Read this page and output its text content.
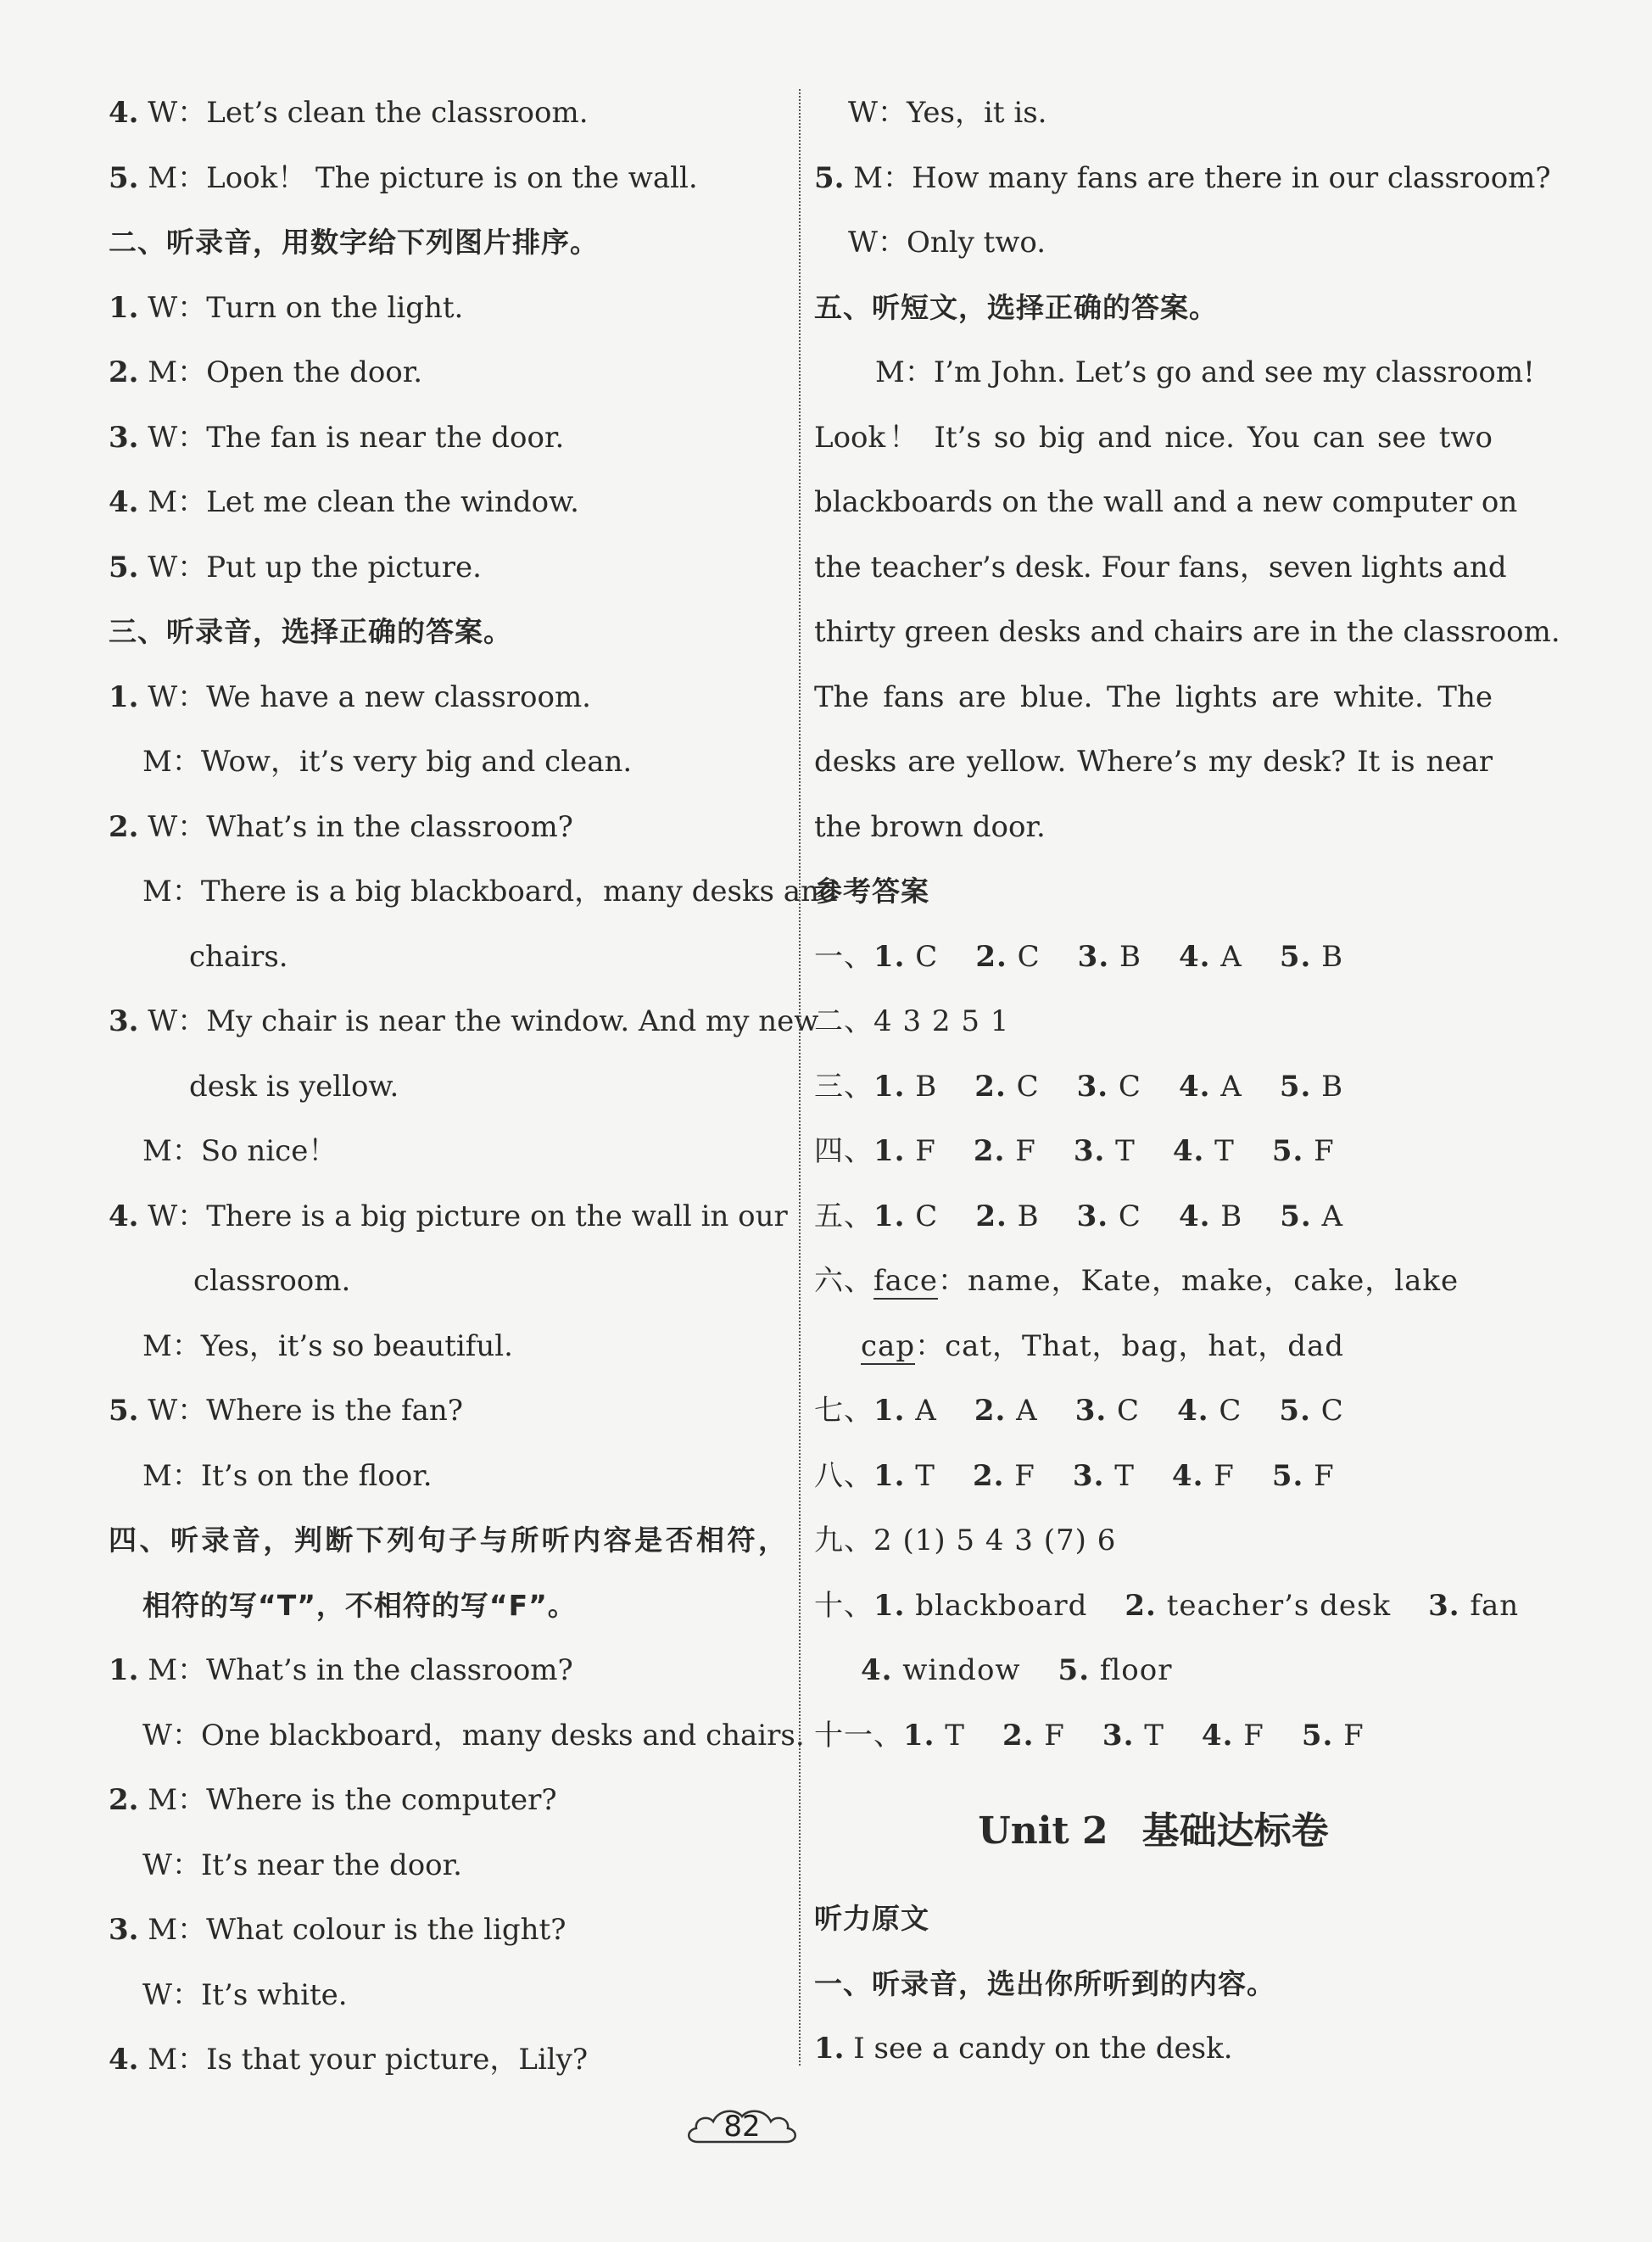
4. W：Let’s clean the classroom.
5. M：Look！ The picture is on the wall.
二、听录音，用数字给下列图片排序。
1. W：Turn on the light.
2. M：Open the door.
3. W：The fan is near the door.
4. M：Let me clean the window.
5. W：Put up the picture.
三、听录音，选择正确的答案。
1. W：We have a new classroom.
M：Wow，it’s very big and clean.
2. W：What’s in the classroom?
M：There is a big blackboard，many desks and
chairs.
3. W：My chair is near the window. And my new
desk is yellow.
M：So nice！
4. W：There is a big picture on the wall in our
classroom.
M：Yes，it’s so beautiful.
5. W：Where is the fan?
M：It’s on the floor.
四、听录音，判断下列句子与所听内容是否相符，
相符的写“T”，不相符的写“F”。
1. M：What’s in the classroom?
W：One blackboard，many desks and chairs.
2. M：Where is the computer?
W：It’s near the door.
3. M：What colour is the light?
W：It’s white.
4. M：Is that your picture，Lily?
W：Yes，it is.
5. M：How many fans are there in our classroom?
W：Only two.
五、听短文，选择正确的答案。
M：I’m John. Let’s go and see my classroom!
Look！ It’s so big and nice. You can see two
blackboards on the wall and a new computer on
the teacher’s desk. Four fans，seven lights and
thirty green desks and chairs are in the classroom.
The fans are blue. The lights are white. The
desks are yellow. Where’s my desk? It is near
the brown door.
参考答案
一、1. C 2. C 3. B 4. A 5. B
二、4 3 2 5 1
三、1. B 2. C 3. C 4. A 5. B
四、1. F 2. F 3. T 4. T 5. F
五、1. C 2. B 3. C 4. B 5. A
六、face：name，Kate，make，cake，lake
cap：cat，That，bag，hat，dad
七、1. A 2. A 3. C 4. C 5. C
八、1. T 2. F 3. T 4. F 5. F
九、2 (1) 5 4 3 (7) 6
十、1. blackboard 2. teacher’s desk 3. fan
4. window 5. floor
十一、1. T 2. F 3. T 4. F 5. F
Unit 2 基础达标卷
听力原文
一、听录音，选出你所听到的内容。
1. I see a candy on the desk.
82
